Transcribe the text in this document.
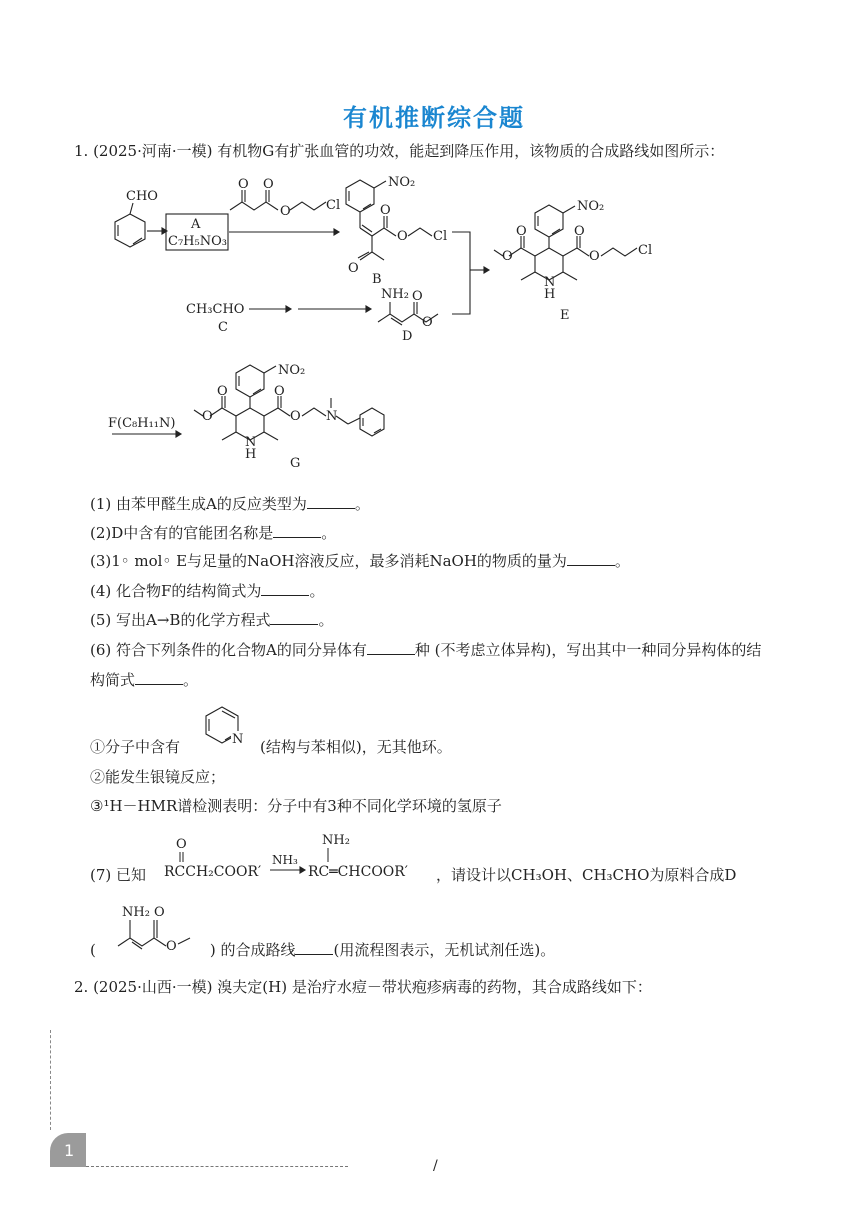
有机推断综合题
1. (2025·河南·一模) 有机物G有扩张血管的功效，能起到降压作用，该物质的合成路线如图所示：
CHO
A
C₇H₅NO₃
O O
O	Cl
NO₂
O
O Cl
O
B
CH₃CHO
C
NH₂ O
O
D
NO₂
O	O
O	O	Cl
N
H
E
F(C₈H₁₁N)
NO₂
O	O
O	O N
N
H
G
(1) 由苯甲醛生成A的反应类型为	。
(2)D中含有的官能团名称是	。
(3)1◦ mol◦ E与足量的NaOH溶液反应，最多消耗NaOH的物质的量为	。
(4) 化合物F的结构简式为	。
(5) 写出A→B的化学方程式	。
(6) 符合下列条件的化合物A的同分异体有	种 (不考虑立体异构)，写出其中一种同分异构体的结
构简式	。
①分子中含有	(结构与苯相似)，无其他环。
N
②能发生银镜反应；
③¹H－HMR谱检测表明：分子中有3种不同化学环境的氢原子
(7) 已知	，请设计以CH₃OH、CH₃CHO为原料合成D
O
RCCH₂COOR′
NH₃
NH₂
RC═CHCOOR′
(	) 的合成路线	(用流程图表示，无机试剂任选)。
NH₂ O
O
2. (2025·山西·一模) 溴夫定(H) 是治疗水痘－带状疱疹病毒的药物，其合成路线如下：
1
/
